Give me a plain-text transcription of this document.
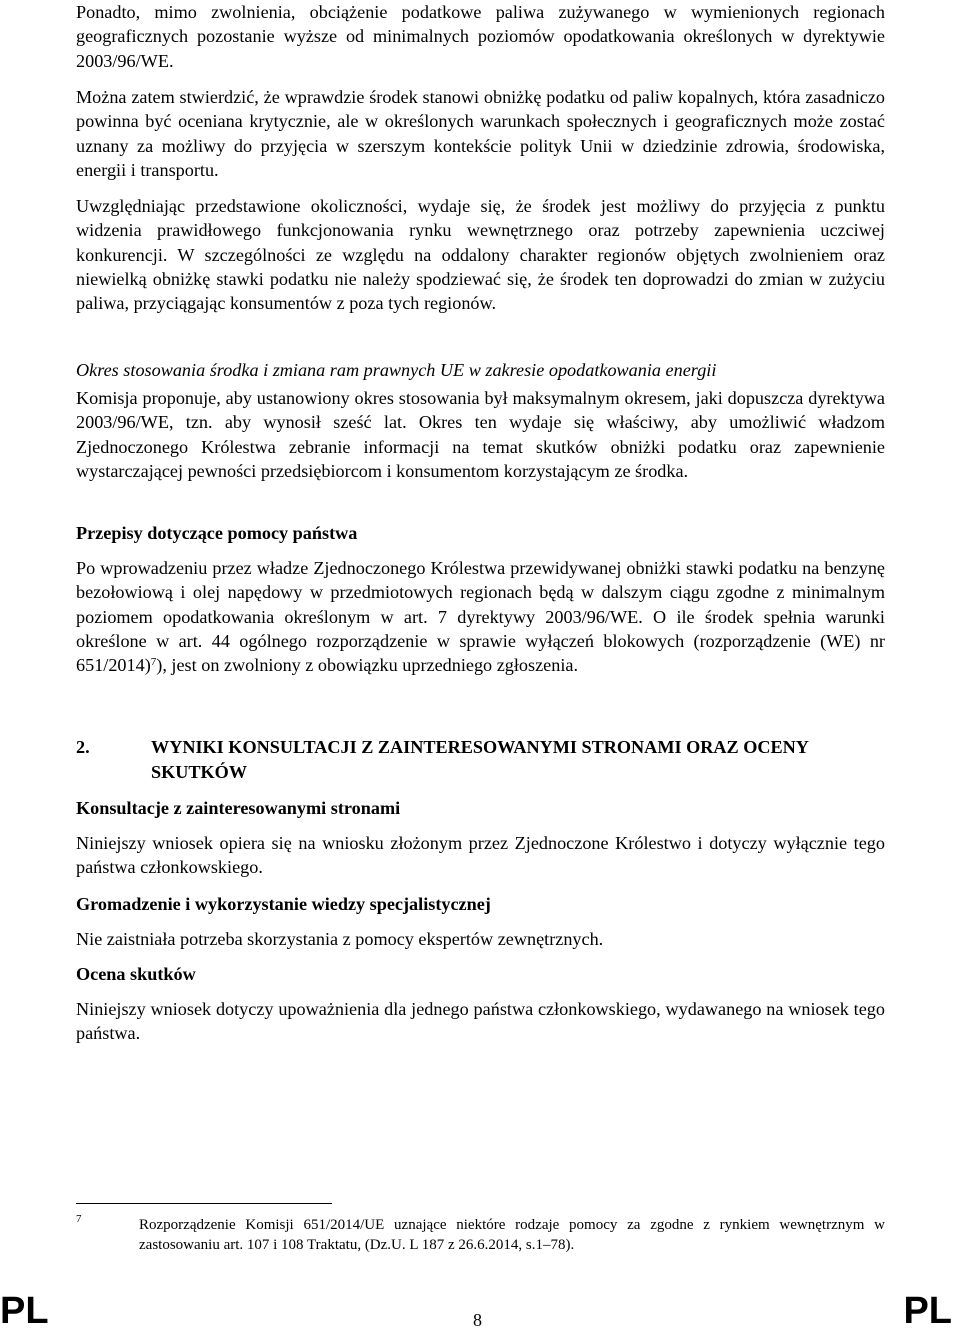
Ponadto, mimo zwolnienia, obciążenie podatkowe paliwa zużywanego w wymienionych regionach geograficznych pozostanie wyższe od minimalnych poziomów opodatkowania określonych w dyrektywie 2003/96/WE.

Można zatem stwierdzić, że wprawdzie środek stanowi obniżkę podatku od paliw kopalnych, która zasadniczo powinna być oceniana krytycznie, ale w określonych warunkach społecznych i geograficznych może zostać uznany za możliwy do przyjęcia w szerszym kontekście polityk Unii w dziedzinie zdrowia, środowiska, energii i transportu.

Uwzględniając przedstawione okoliczności, wydaje się, że środek jest możliwy do przyjęcia z punktu widzenia prawidłowego funkcjonowania rynku wewnętrznego oraz potrzeby zapewnienia uczciwej konkurencji. W szczególności ze względu na oddalony charakter regionów objętych zwolnieniem oraz niewielką obniżkę stawki podatku nie należy spodziewać się, że środek ten doprowadzi do zmian w zużyciu paliwa, przyciągając konsumentów z poza tych regionów.

Komisja proponuje, aby ustanowiony okres stosowania był maksymalnym okresem, jaki dopuszcza dyrektywa 2003/96/WE, tzn. aby wynosił sześć lat. Okres ten wydaje się właściwy, aby umożliwić władzom Zjednoczonego Królestwa zebranie informacji na temat skutków obniżki podatku oraz zapewnienie wystarczającej pewności przedsiębiorcom i konsumentom korzystającym ze środka.

Przepisy dotyczące pomocy państwa

Po wprowadzeniu przez władze Zjednoczonego Królestwa przewidywanej obniżki stawki podatku na benzynę bezołowiową i olej napędowy w przedmiotowych regionach będą w dalszym ciągu zgodne z minimalnym poziomem opodatkowania określonym w art. 7 dyrektywy 2003/96/WE. O ile środek spełnia warunki określone w art. 44 ogólnego rozporządzenie w sprawie wyłączeń blokowych (rozporządzenie (WE) nr 651/2014)$^7$), jest on zwolniony z obowiązku uprzedniego zgłoszenia.

2.	WYNIKI KONSULTACJI Z ZAINTERESOWANYMI STRONAMI ORAZ OCENY SKUTKÓW
Konsultacje z zainteresowanymi stronami

Niniejszy wniosek opiera się na wniosku złożonym przez Zjednoczone Królestwo i dotyczy wyłącznie tego państwa członkowskiego.

Gromadzenie i wykorzystanie wiedzy specjalistycznej

Nie zaistniała potrzeba skorzystania z pomocy ekspertów zewnętrznych.

Ocena skutków

Niniejszy wniosek dotyczy upoważnienia dla jednego państwa członkowskiego, wydawanego na wniosek tego państwa.

Okres stosowania środka i zmiana ram prawnych UE w zakresie opodatkowania energii
7	Rozporządzenie Komisji 651/2014/UE uznające niektóre rodzaje pomocy za zgodne z rynkiem wewnętrznym w zastosowaniu art. 107 i 108 Traktatu, (Dz.U. L 187 z 26.6.2014, s.1–78).

8
PL	PL
